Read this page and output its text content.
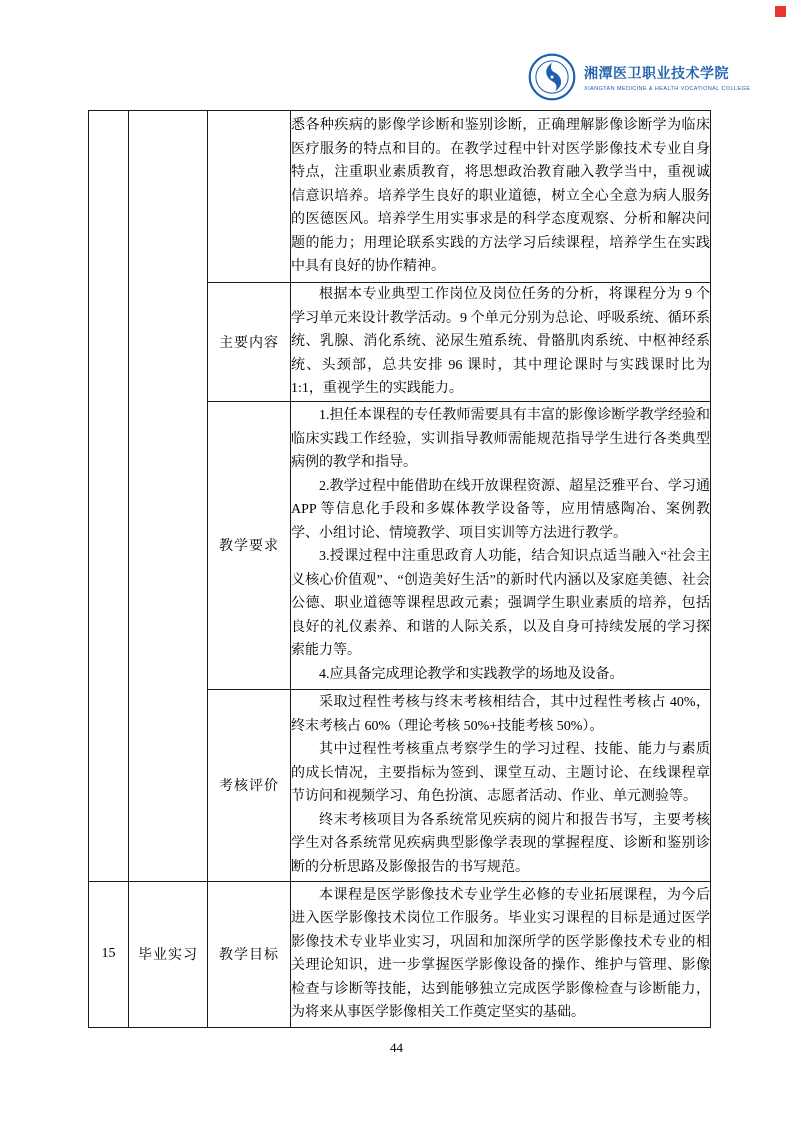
湘潭医卫职业技术学院
XIANGTAN MEDICINE & HEALTH VOCATIONAL COLLEGE

			悉各种疾病的影像学诊断和鉴别诊断，正确理解影像诊断学为临床医疗服务的特点和目的。在教学过程中针对医学影像技术专业自身特点，注重职业素质教育，将思想政治教育融入教学当中，重视诚信意识培养。培养学生良好的职业道德，树立全心全意为病人服务的医德医风。培养学生用实事求是的科学态度观察、分析和解决问题的能力；用理论联系实践的方法学习后续课程，培养学生在实践中具有良好的协作精神。

		主要内容	根据本专业典型工作岗位及岗位任务的分析，将课程分为 9 个学习单元来设计教学活动。9 个单元分别为总论、呼吸系统、循环系统、乳腺、消化系统、泌尿生殖系统、骨骼肌肉系统、中枢神经系统、头颈部，总共安排 96 课时，其中理论课时与实践课时比为 1:1，重视学生的实践能力。

		教学要求	1.担任本课程的专任教师需要具有丰富的影像诊断学教学经验和临床实践工作经验，实训指导教师需能规范指导学生进行各类典型病例的教学和指导。

2.教学过程中能借助在线开放课程资源、超星泛雅平台、学习通 APP 等信息化手段和多媒体教学设备等，应用情感陶冶、案例教学、小组讨论、情境教学、项目实训等方法进行教学。

3.授课过程中注重思政育人功能，结合知识点适当融入“社会主义核心价值观”、“创造美好生活”的新时代内涵以及家庭美德、社会公德、职业道德等课程思政元素；强调学生职业素质的培养，包括良好的礼仪素养、和谐的人际关系，以及自身可持续发展的学习探索能力等。

4.应具备完成理论教学和实践教学的场地及设备。

		考核评价	采取过程性考核与终末考核相结合，其中过程性考核占 40%，终末考核占 60%（理论考核 50%+技能考核 50%）。

其中过程性考核重点考察学生的学习过程、技能、能力与素质的成长情况，主要指标为签到、课堂互动、主题讨论、在线课程章节访问和视频学习、角色扮演、志愿者活动、作业、单元测验等。

终末考核项目为各系统常见疾病的阅片和报告书写，主要考核学生对各系统常见疾病典型影像学表现的掌握程度、诊断和鉴别诊断的分析思路及影像报告的书写规范。

15	毕业实习	教学目标	本课程是医学影像技术专业学生必修的专业拓展课程，为今后进入医学影像技术岗位工作服务。毕业实习课程的目标是通过医学影像技术专业毕业实习，巩固和加深所学的医学影像技术专业的相关理论知识，进一步掌握医学影像设备的操作、维护与管理、影像检查与诊断等技能，达到能够独立完成医学影像检查与诊断能力，为将来从事医学影像相关工作奠定坚实的基础。

44
